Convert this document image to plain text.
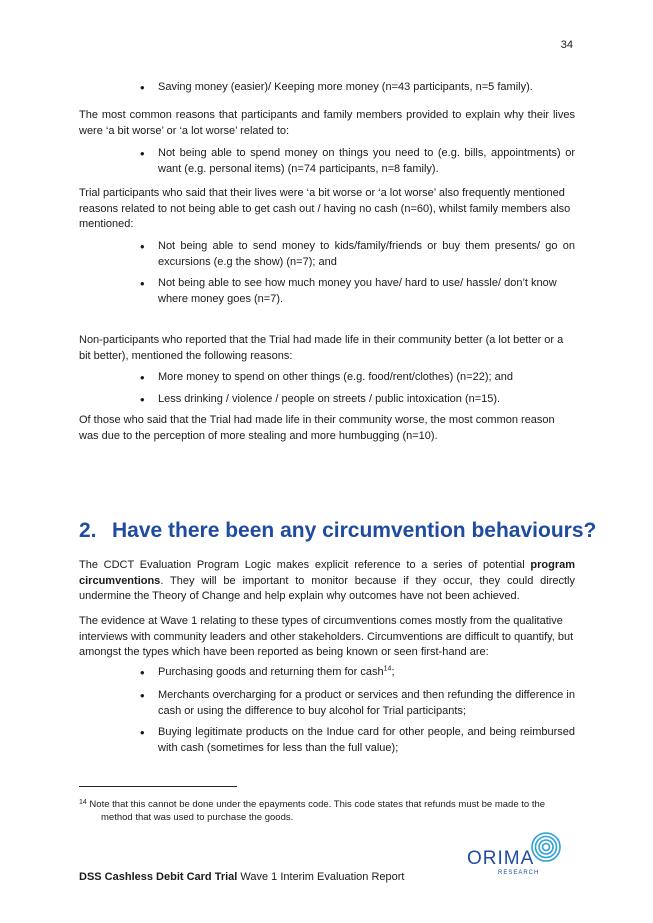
34
•
Saving money (easier)/ Keeping more money (n=43 participants, n=5 family).

The most common reasons that participants and family members provided to explain why their lives were ‘a bit worse’ or ‘a lot worse’ related to:

•
Not being able to spend money on things you need to (e.g. bills, appointments) or want (e.g. personal items) (n=74 participants, n=8 family).

Trial participants who said that their lives were ‘a bit worse or ‘a lot worse’ also frequently mentioned reasons related to not being able to get cash out / having no cash (n=60), whilst family members also mentioned:

•
Not being able to send money to kids/family/friends or buy them presents/ go on excursions (e.g the show) (n=7); and
•
Not being able to see how much money you have/ hard to use/ hassle/ don’t know where money goes (n=7).

Non-participants who reported that the Trial had made life in their community better (a lot better or a bit better), mentioned the following reasons:

•
More money to spend on other things (e.g. food/rent/clothes) (n=22); and
•
Less drinking / violence / people on streets / public intoxication (n=15).

Of those who said that the Trial had made life in their community worse, the most common reason was due to the perception of more stealing and more humbugging (n=10).

2. Have there been any circumvention behaviours?

The CDCT Evaluation Program Logic makes explicit reference to a series of potential program circumventions. They will be important to monitor because if they occur, they could directly undermine the Theory of Change and help explain why outcomes have not been achieved.

The evidence at Wave 1 relating to these types of circumventions comes mostly from the qualitative interviews with community leaders and other stakeholders. Circumventions are difficult to quantify, but amongst the types which have been reported as being known or seen first-hand are:

•
Purchasing goods and returning them for cash$^{14}$;
•
Merchants overcharging for a product or services and then refunding the difference in cash or using the difference to buy alcohol for Trial participants;
•
Buying legitimate products on the Indue card for other people, and being reimbursed with cash (sometimes for less than the full value);
$^{14}$ Note that this cannot be done under the epayments code. This code states that refunds must be made to the
method that was used to purchase the goods.
DSS Cashless Debit Card Trial Wave 1 Interim Evaluation Report
ORIMA
RESEARCH
